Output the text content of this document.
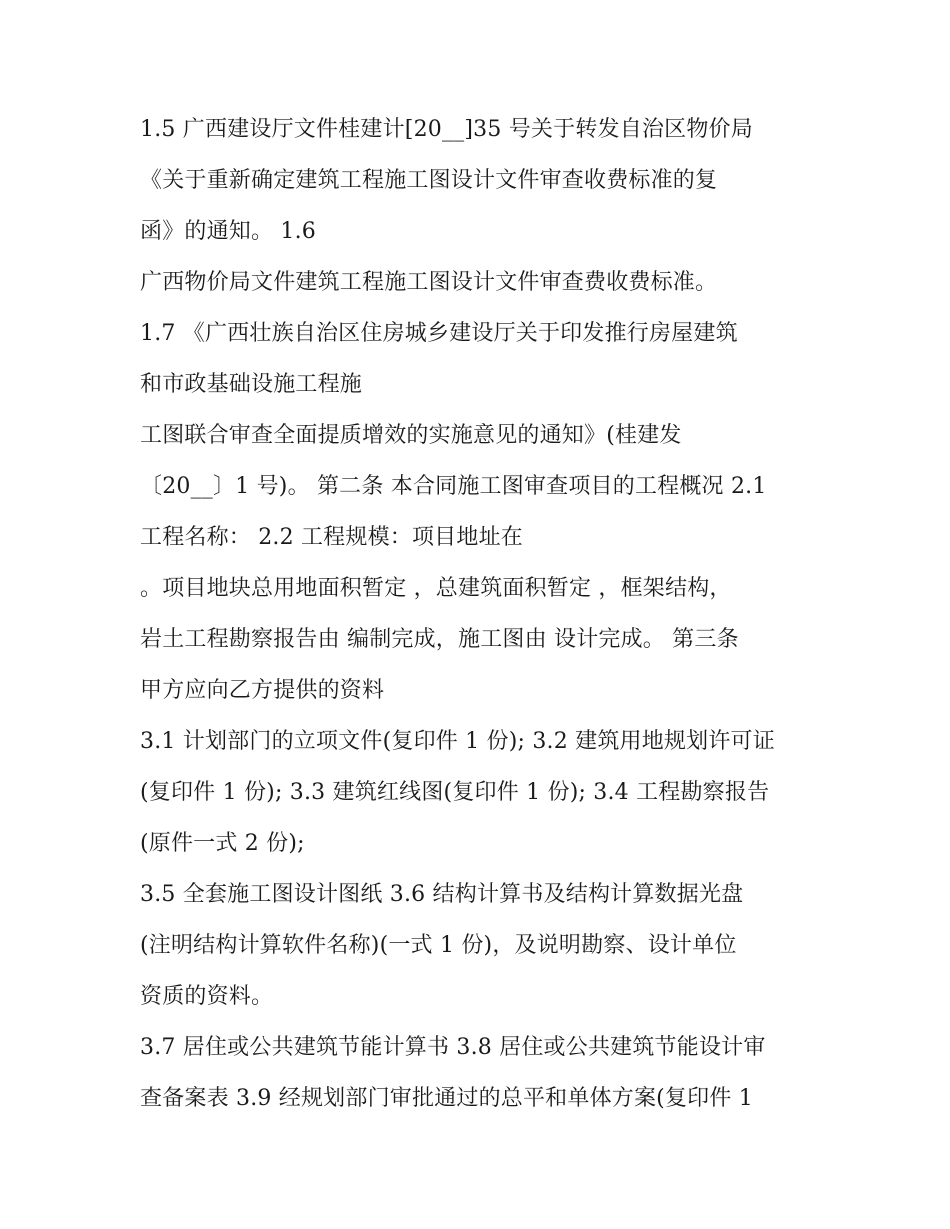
1.5 广西建设厅文件桂建计[20__]35 号关于转发自治区物价局
《关于重新确定建筑工程施工图设计文件审查收费标准的复
函》的通知。 1.6
广西物价局文件建筑工程施工图设计文件审查费收费标准。
1.7 《广西壮族自治区住房城乡建设厅关于印发推行房屋建筑
和市政基础设施工程施
工图联合审查全面提质增效的实施意见的通知》(桂建发
〔20__〕1 号)。 第二条 本合同施工图审查项目的工程概况 2.1
工程名称： 2.2 工程规模：项目地址在
。项目地块总用地面积暂定 ，总建筑面积暂定 ，框架结构，
岩土工程勘察报告由 编制完成，施工图由 设计完成。 第三条
甲方应向乙方提供的资料
3.1 计划部门的立项文件(复印件 1 份); 3.2 建筑用地规划许可证
(复印件 1 份); 3.3 建筑红线图(复印件 1 份); 3.4 工程勘察报告
(原件一式 2 份);
3.5 全套施工图设计图纸 3.6 结构计算书及结构计算数据光盘
(注明结构计算软件名称)(一式 1 份)，及说明勘察、设计单位
资质的资料。
3.7 居住或公共建筑节能计算书 3.8 居住或公共建筑节能设计审
查备案表 3.9 经规划部门审批通过的总平和单体方案(复印件 1
